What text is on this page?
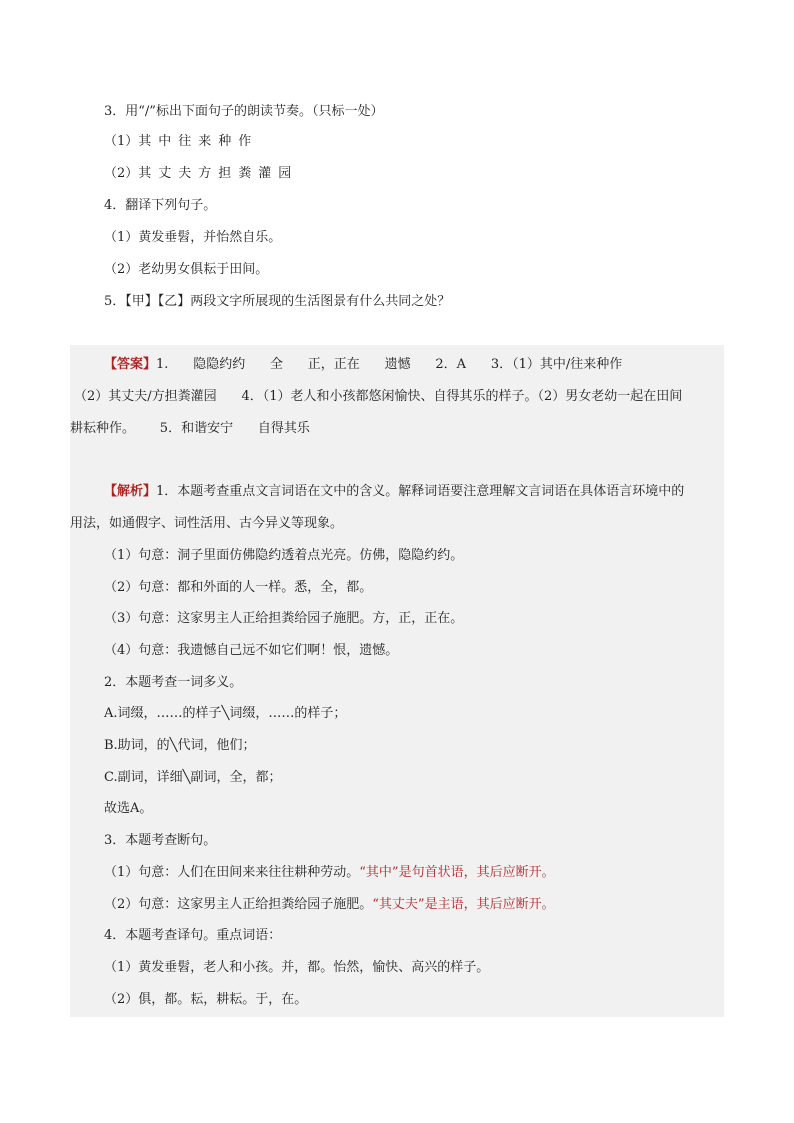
3．用“/”标出下面句子的朗读节奏。（只标一处）
（1）其中往来种作
（2）其丈夫方担粪灌园
4．翻译下列句子。
（1）黄发垂髫，并怡然自乐。
（2）老幼男女俱耘于田间。
5．【甲】【乙】两段文字所展现的生活图景有什么共同之处？
【答案】1.      隐隐约约      全      正，正在      遗憾      2．A      3．（1）其中/往来种作
（2）其丈夫/方担粪灌园      4．（1）老人和小孩都悠闲愉快、自得其乐的样子。（2）男女老幼一起在田间
耕耘种作。      5．和谐安宁      自得其乐
【解析】1．本题考查重点文言词语在文中的含义。解释词语要注意理解文言词语在具体语言环境中的
用法，如通假字、词性活用、古今异义等现象。
（1）句意：洞子里面仿佛隐约透着点光亮。仿佛，隐隐约约。
（2）句意：都和外面的人一样。悉，全，都。
（3）句意：这家男主人正给担粪给园子施肥。方，正，正在。
（4）句意：我遗憾自己远不如它们啊！恨，遗憾。
2．本题考查一词多义。
A.词缀，……的样子╲词缀，……的样子；
B.助词，的╲代词，他们；
C.副词，详细╲副词，全，都；
故选A。
3．本题考查断句。
（1）句意：人们在田间来来往往耕种劳动。“其中”是句首状语，其后应断开。
（2）句意：这家男主人正给担粪给园子施肥。“其丈夫”是主语，其后应断开。
4．本题考查译句。重点词语：
（1）黄发垂髫，老人和小孩。并，都。怡然，愉快、高兴的样子。
（2）俱，都。耘，耕耘。于，在。
